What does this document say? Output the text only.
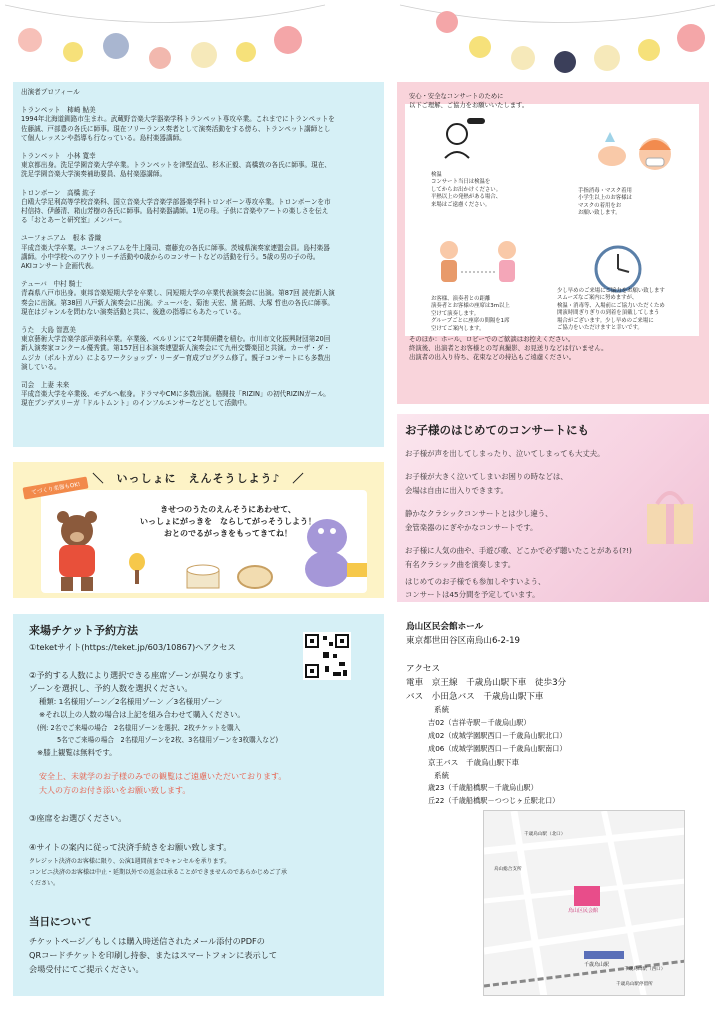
出演者プロフィール
トランペット　柿崎 鮎美
1994年北海道釧路市生まれ。武蔵野音楽大学器楽学科トランペット専攻卒業。これまでにトランペットを
佐藤誠、戸部豊の各氏に師事。現在フリーランス奏者として演奏活動をする傍ら、トランペット講師とし
て個人レッスンや指導も行なっている。島村楽器講師。
トランペット　小林 寛幸
東京都出身。洗足学園音楽大学卒業。トランペットを津堅直弘、杉木正毅、高橋敦の各氏に師事。現在、
洗足学園音楽大学演奏補助要員、島村楽器講師。
トロンボーン　高橋 紘子
白鴎大学足利高等学校音楽科、国立音楽大学音楽学部器楽学科トロンボーン専攻卒業。トロンボーンを市
村信持、伊藤清、箱山芳樹の各氏に師事。島村楽器講師。1児の母。子供に音楽やアートの楽しさを伝え
る「おとあーと研究室」メンバー。
ユーフォニアム　根本 香織
平成音楽大学卒業。ユーフォニアムを牛上隆司、齋藤充の各氏に師事。茨城県演奏家連盟会員。島村楽器
講師。小中学校へのアウトリーチ活動や0歳からのコンサートなどの活動を行う。5歳の男の子の母。
AKIコンサート企画代表。
テューバ　中村 騎士
青森県八戸市出身。東邦音楽短期大学を卒業し、同短期大学の卒業代表演奏会に出演。第87回 読売新人演
奏会に出演。第38回 八戸新人演奏会に出演。テューバを、菊池 天宏、黛 拓朗、大塚 哲也の各氏に師事。
現在はジャンルを問わない演奏活動と共に、後進の指導にもあたっている。
うた　大島 智恵美
東京藝術大学音楽学部声楽科卒業。卒業後、ベルリンにて2年間研鑽を積む。市川市文化振興財団第20回
新人演奏家コンクール優秀賞。第157回日本演奏連盟新人演奏会にて九州交響楽団と共演。カーザ・ダ・
ムジカ（ポルトガル）によるワークショップ・リーダー育成プログラム修了。親子コンサートにも多数出
演している。
司会　上妻 未来
平成音楽大学を卒業後、モデルへ転身。ドラマやCMに多数出演。格闘技「RIZIN」の初代RIZINガール。
現在プンデスリーガ「ドルトムント」のインフルエンサーなどとして活動中。
安心・安全なコンサートのために
以下ご理解、ご協力をお願いいたします。
検温
コンサート当日は検温を
してからお出かけください。
平熱以上の発熱がある場合、
来場はご遠慮ください。
手指消毒・マスク着用
小学生以上のお客様は
マスクの着用をお
お願い致します。
お客様、演奏者との距離
演奏者とお客様の座席は3m以上
空けて演奏します。
グループごとに座席の間隔を1席
空けてご案内します。
少し早めのご来場にご協力をお願い致します
スムーズなご案内に努めますが、
検温・消毒等、入場前にご協力いただくため
開演時間ぎりぎりの到着を頂戴してしまう
場合がございます。少し早めのご来場に
ご協力をいただけますと幸いです。
そのほか：ホール、ロビーでのご歓談はお控えください。
終演後、出演者とお客様との写真撮影、お見送りなどは行いません。
出演者の出入り待ち、花束などの持込もご遠慮ください。
お子様のはじめてのコンサートにも
お子様が声を出してしまったり、泣いてしまっても大丈夫。
お子様が大きく泣いてしまいお困りの時などは、
会場は自由に出入りできます。
静かなクラシックコンサートとは少し違う、
金管楽器のにぎやかなコンサートです。
お子様に人気の曲や、手遊び歌、どこかで必ず聴いたことがある(?!)
有名クラシック曲を演奏します。
はじめてのお子様でも参加しやすいよう、
コンサートは45分間を予定しています。
＼　いっしょに　えんそうしよう♪　／
てづくり楽器もOK!
きせつのうたのえんそうにあわせて、
いっしょにがっきを　ならしてがっそうしよう！
おとのでるがっきをもってきてね！
来場チケット予約方法
①teketサイト(https://teket.jp/603/10867)へアクセス
②予約する人数により選択できる座席ゾーンが異なります。
ゾーンを選択し、予約人数を選択ください。
種類: 1名様用ゾーン／2名様用ゾーン ／3名様用ゾーン
※それ以上の人数の場合は上記を組み合わせて購入ください。
(例: 2名でご来場の場合　2名様用ゾーンを選択、2枚チケットを購入
5名でご来場の場合　2名様用ゾーンを2枚、3名様用ゾーンを3枚購入など)
※膝上観覧は無料です。
安全上、未就学のお子様のみでの観覧はご遠慮いただいております。
大人の方のお付き添いをお願い致します。
③座席をお選びください。
④サイトの案内に従って決済手続きをお願い致します。
クレジット決済のお客様に限り、公演1週間前までキャンセルを承ります。
コンビニ決済のお客様は中止・延期以外での返金は承ることができませんのであらかじめご了承
ください。
当日について
チケットページ／もしくは購入時送信されたメール添付のPDFの
QRコードチケットを印刷し持参、またはスマートフォンに表示して
会場受付にてご提示ください。
烏山区民会館ホール
東京都世田谷区南烏山6-2-19
アクセス
電車　京王線　千歳烏山駅下車　徒歩3分
バス　小田急バス　千歳烏山駅下車
系統
吉02（吉祥寺駅－千歳烏山駅）
成02（成城学園駅西口－千歳烏山駅北口）
成06（成城学園駅西口－千歳烏山駅南口）
京王バス　千歳烏山駅下車
系統
歳23（千歳船橋駅－千歳烏山駅）
丘22（千歳船橋駅－つつじヶ丘駅北口）
烏山区民会館
千歳烏山駅
烏山総合支所
千歳烏山駅（北口）
千歳烏山駅（西口）
千歳烏山駅停留所
